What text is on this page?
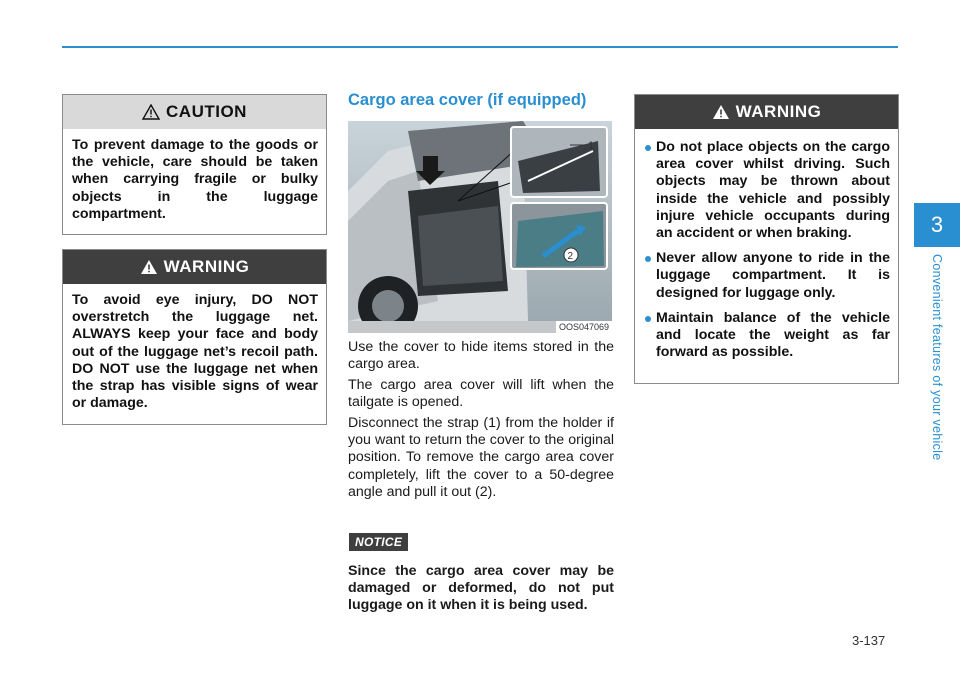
CAUTION
To prevent damage to the goods or the vehicle, care should be taken when carrying fragile or bulky objects in the luggage compartment.
WARNING
To avoid eye injury, DO NOT overstretch the luggage net. ALWAYS keep your face and body out of the luggage net’s recoil path. DO NOT use the luggage net when the strap has visible signs of wear or damage.
Cargo area cover (if equipped)
1
2
OOS047069
Use the cover to hide items stored in the cargo area.
The cargo area cover will lift when the tailgate is opened.
Disconnect the strap (1) from the holder if you want to return the cover to the original position. To remove the cargo area cover completely, lift the cover to a 50-degree angle and pull it out (2).
NOTICE
Since the cargo area cover may be damaged or deformed, do not put luggage on it when it is being used.
WARNING
Do not place objects on the cargo area cover whilst driving. Such objects may be thrown about inside the vehicle and possibly injure vehicle occupants during an accident or when braking.
Never allow anyone to ride in the luggage compartment. It is designed for luggage only.
Maintain balance of the vehicle and locate the weight as far forward as possible.
3
Convenient features of your vehicle
3-137
